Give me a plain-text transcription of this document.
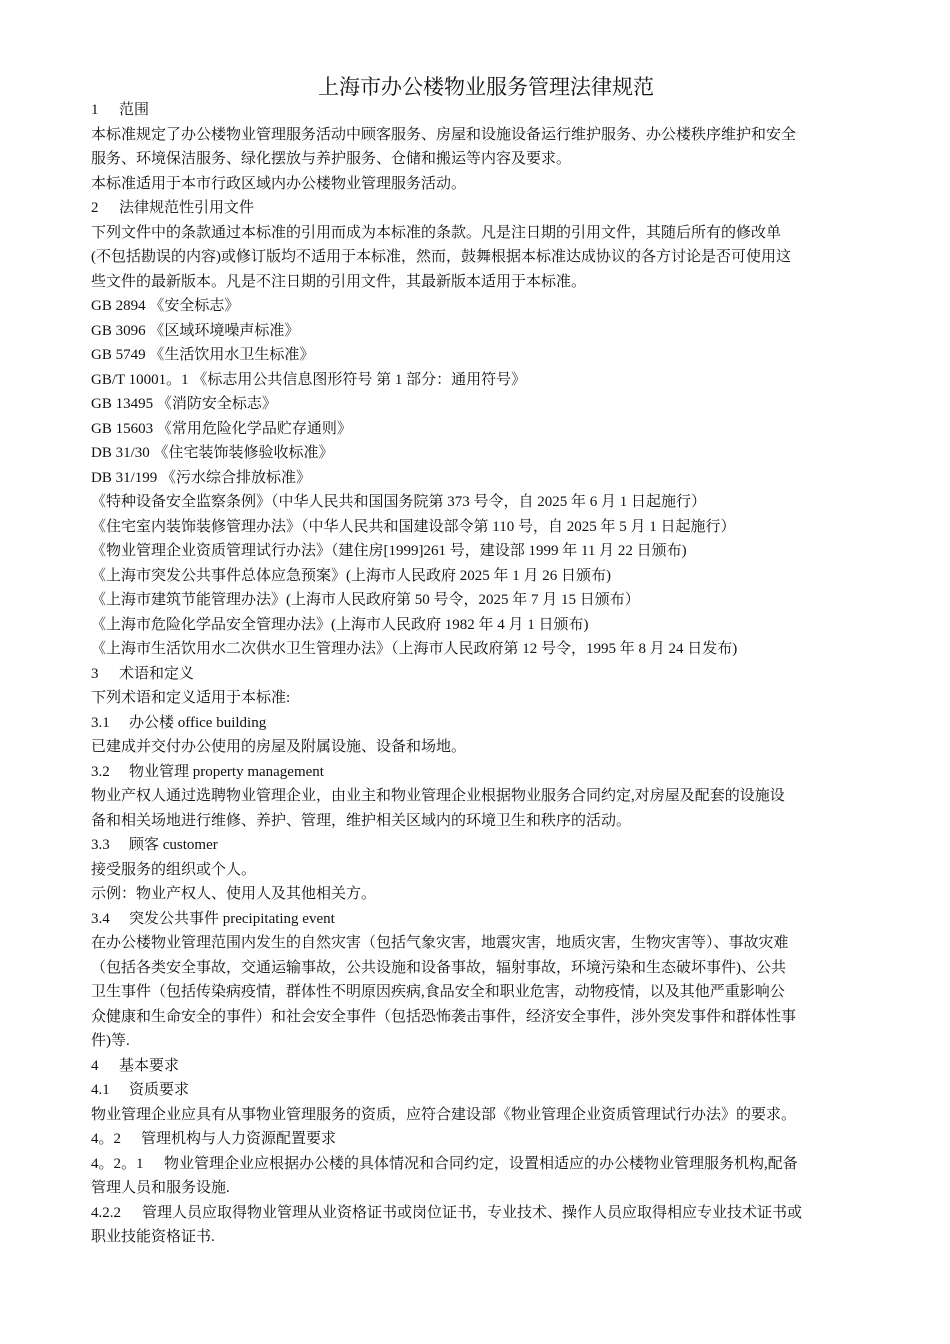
上海市办公楼物业服务管理法律规范

1 范围

本标准规定了办公楼物业管理服务活动中顾客服务、房屋和设施设备运行维护服务、办公楼秩序维护和安全

服务、环境保洁服务、绿化摆放与养护服务、仓储和搬运等内容及要求。

本标准适用于本市行政区域内办公楼物业管理服务活动。

2 法律规范性引用文件

下列文件中的条款通过本标准的引用而成为本标准的条款。凡是注日期的引用文件，其随后所有的修改单

(不包括勘误的内容)或修订版均不适用于本标准，然而，鼓舞根据本标准达成协议的各方讨论是否可使用这

些文件的最新版本。凡是不注日期的引用文件，其最新版本适用于本标准。

GB 2894 《安全标志》

GB 3096 《区域环境噪声标准》

GB 5749 《生活饮用水卫生标准》

GB/T 10001。1 《标志用公共信息图形符号 第 1 部分：通用符号》

GB 13495 《消防安全标志》

GB 15603 《常用危险化学品贮存通则》

DB 31/30 《住宅装饰装修验收标准》

DB 31/199 《污水综合排放标准》

《特种设备安全监察条例》（中华人民共和国国务院第 373 号令，自 2025 年 6 月 1 日起施行）

《住宅室内装饰装修管理办法》（中华人民共和国建设部令第 110 号，自 2025 年 5 月 1 日起施行）

《物业管理企业资质管理试行办法》（建住房[1999]261 号，建设部 1999 年 11 月 22 日颁布)

《上海市突发公共事件总体应急预案》(上海市人民政府 2025 年 1 月 26 日颁布)

《上海市建筑节能管理办法》(上海市人民政府第 50 号令，2025 年 7 月 15 日颁布）

《上海市危险化学品安全管理办法》(上海市人民政府 1982 年 4 月 1 日颁布)

《上海市生活饮用水二次供水卫生管理办法》（上海市人民政府第 12 号令，1995 年 8 月 24 日发布)

3 术语和定义

下列术语和定义适用于本标准:

3.1 办公楼 office building

已建成并交付办公使用的房屋及附属设施、设备和场地。

3.2 物业管理 property management

物业产权人通过选聘物业管理企业，由业主和物业管理企业根据物业服务合同约定,对房屋及配套的设施设

备和相关场地进行维修、养护、管理，维护相关区域内的环境卫生和秩序的活动。

3.3 顾客 customer

接受服务的组织或个人。

示例：物业产权人、使用人及其他相关方。

3.4 突发公共事件 precipitating event

在办公楼物业管理范围内发生的自然灾害（包括气象灾害，地震灾害，地质灾害，生物灾害等）、事故灾难

（包括各类安全事故，交通运输事故，公共设施和设备事故，辐射事故，环境污染和生态破坏事件)、公共

卫生事件（包括传染病疫情，群体性不明原因疾病,食品安全和职业危害，动物疫情，以及其他严重影响公

众健康和生命安全的事件）和社会安全事件（包括恐怖袭击事件，经济安全事件，涉外突发事件和群体性事

件)等.

4 基本要求

4.1 资质要求

物业管理企业应具有从事物业管理服务的资质，应符合建设部《物业管理企业资质管理试行办法》的要求。

4。2 管理机构与人力资源配置要求

4。2。1 物业管理企业应根据办公楼的具体情况和合同约定，设置相适应的办公楼物业管理服务机构,配备

管理人员和服务设施.

4.2.2 管理人员应取得物业管理从业资格证书或岗位证书，专业技术、操作人员应取得相应专业技术证书或

职业技能资格证书.
